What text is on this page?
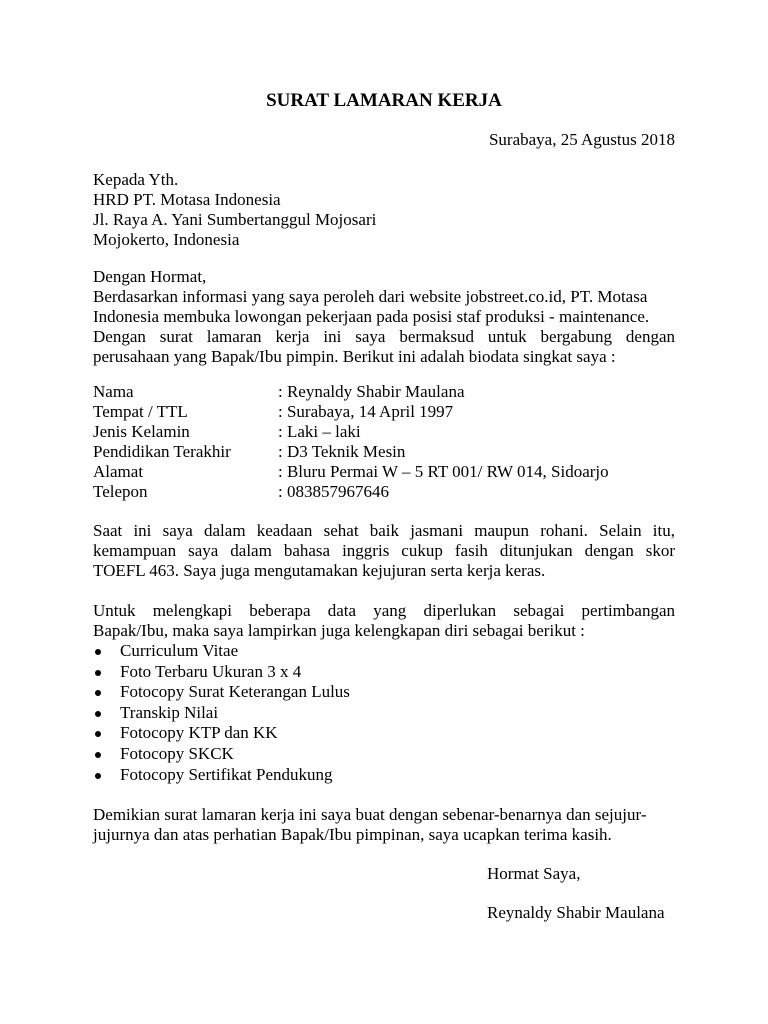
SURAT LAMARAN KERJA
Surabaya, 25 Agustus 2018
Kepada Yth.
HRD PT. Motasa Indonesia
Jl. Raya A. Yani Sumbertanggul Mojosari
Mojokerto, Indonesia
Dengan Hormat,
Berdasarkan informasi yang saya peroleh dari website jobstreet.co.id, PT. Motasa
Indonesia membuka lowongan pekerjaan pada posisi staf produksi - maintenance.
Dengan surat lamaran kerja ini saya bermaksud untuk bergabung dengan
perusahaan yang Bapak/Ibu pimpin. Berikut ini adalah biodata singkat saya :
Nama	: Reynaldy Shabir Maulana
Tempat / TTL	: Surabaya, 14 April 1997
Jenis Kelamin	: Laki – laki
Pendidikan Terakhir	: D3 Teknik Mesin
Alamat	: Bluru Permai W – 5 RT 001/ RW 014, Sidoarjo
Telepon	: 083857967646
Saat ini saya dalam keadaan sehat baik jasmani maupun rohani. Selain itu,
kemampuan saya dalam bahasa inggris cukup fasih ditunjukan dengan skor
TOEFL 463. Saya juga mengutamakan kejujuran serta kerja keras.
Untuk melengkapi beberapa data yang diperlukan sebagai pertimbangan
Bapak/Ibu, maka saya lampirkan juga kelengkapan diri sebagai berikut :
Curriculum Vitae
Foto Terbaru Ukuran 3 x 4
Fotocopy Surat Keterangan Lulus
Transkip Nilai
Fotocopy KTP dan KK
Fotocopy SKCK
Fotocopy Sertifikat Pendukung
Demikian surat lamaran kerja ini saya buat dengan sebenar-benarnya dan sejujur-
jujurnya dan atas perhatian Bapak/Ibu pimpinan, saya ucapkan terima kasih.
Hormat Saya,
Reynaldy Shabir Maulana
